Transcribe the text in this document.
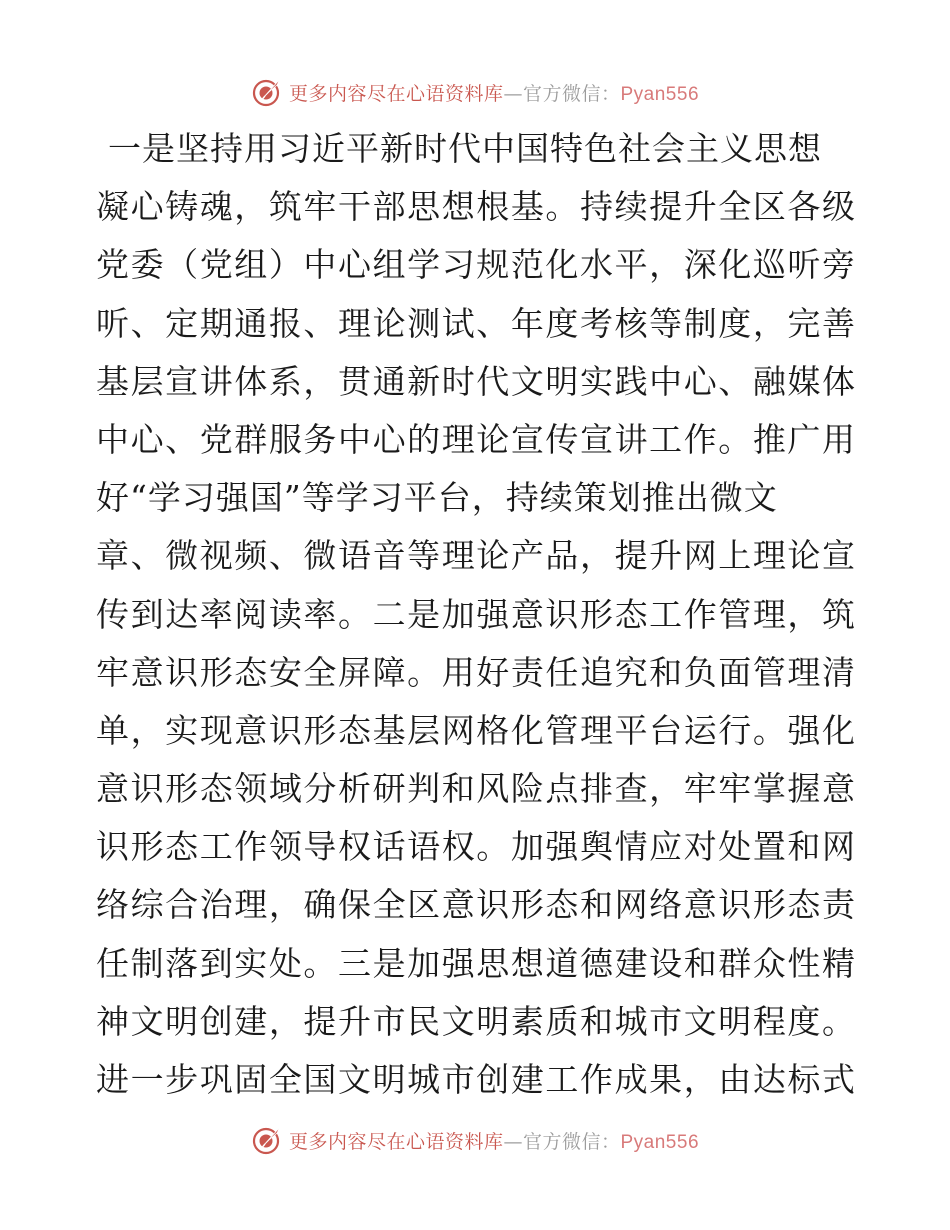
更多内容尽在心语资料库—官方微信：Pyan556
一是坚持用习近平新时代中国特色社会主义思想
凝心铸魂，筑牢干部思想根基。持续提升全区各级
党委（党组）中心组学习规范化水平，深化巡听旁
听、定期通报、理论测试、年度考核等制度，完善
基层宣讲体系，贯通新时代文明实践中心、融媒体
中心、党群服务中心的理论宣传宣讲工作。推广用
好“学习强国”等学习平台，持续策划推出微文
章、微视频、微语音等理论产品，提升网上理论宣
传到达率阅读率。二是加强意识形态工作管理，筑
牢意识形态安全屏障。用好责任追究和负面管理清
单，实现意识形态基层网格化管理平台运行。强化
意识形态领域分析研判和风险点排查，牢牢掌握意
识形态工作领导权话语权。加强舆情应对处置和网
络综合治理，确保全区意识形态和网络意识形态责
任制落到实处。三是加强思想道德建设和群众性精
神文明创建，提升市民文明素质和城市文明程度。
进一步巩固全国文明城市创建工作成果，由达标式
更多内容尽在心语资料库—官方微信：Pyan556
